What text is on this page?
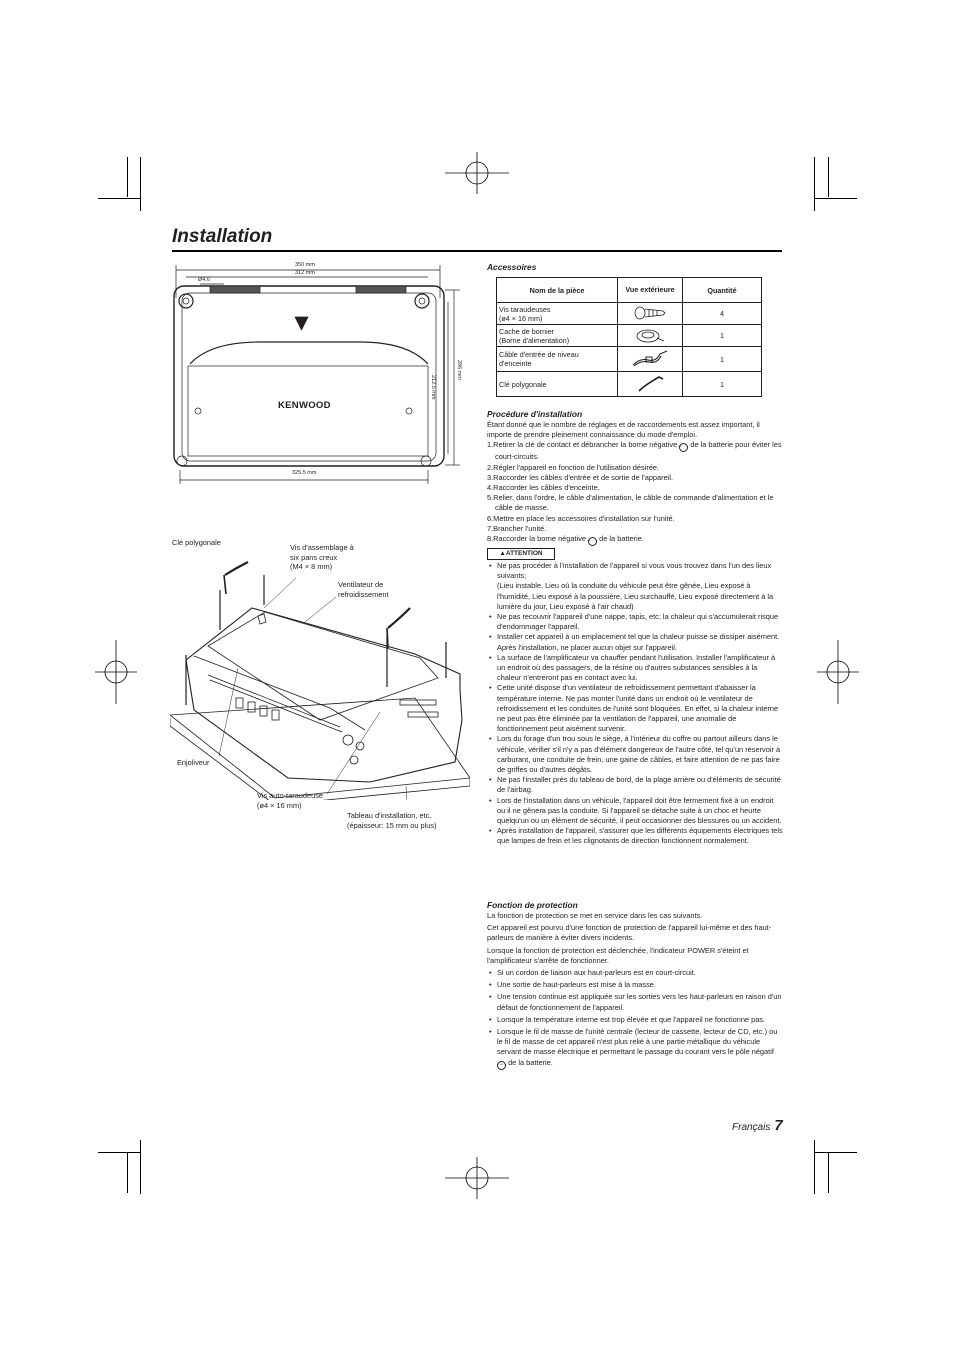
Installation
350 mm
312 mm
Ø4.6
212.5 mm
286 mm
325.5 mm
KENWOOD
Clé polygonale
Vis d'assemblage à
six pans creux
(M4 × 8 mm)
Ventilateur de
refroidissement
Enjoliveur
Vis auto-taraudeuse
(ø4 × 16 mm)
Tableau d'installation, etc.
(épaisseur: 15 mm ou plus)
Accessoires
Nom de la pièce	Vue extérieure	Quantité

Vis taraudeuses
(ø4 × 16 mm)		4

Cache de bornier
(Borne d'alimentation)		1

Câble d'entrée de niveau
d'enceinte		1
Clé polygonale		1
Procédure d'installation

Étant donné que le nombre de réglages et de raccordements est assez important, il importe de prendre pleinement connaissance du mode d'emploi.

1.Retirer la clé de contact et débrancher la borne négative − de la batterie pour éviter les court-circuits.

2.Régler l'appareil en fonction de l'utilisation désirée.

3.Raccorder les câbles d'entrée et de sortie de l'appareil.

4.Raccorder les câbles d'enceinte.

5.Relier, dans l'ordre, le câble d'alimentation, le câble de commande d'alimentation et le câble de masse.

6.Mettre en place les accessoires d'installation sur l'unité.

7.Brancher l'unité.

8.Raccorder la borne négative − de la batterie.

▲ATTENTION
• Ne pas procéder à l'installation de l'appareil si vous vous trouvez dans l'un des lieux suivants;
(Lieu instable, Lieu où la conduite du véhicule peut être gênée, Lieu exposé à l'humidité, Lieu exposé à la poussière, Lieu surchauffé, Lieu exposé directement à la lumière du jour, Lieu exposé à l'air chaud)
• Ne pas recouvrir l'appareil d'une nappe, tapis, etc; la chaleur qui s'accumulerait risque d'endommager l'appareil.
• Installer cet appareil à un emplacement tel que la chaleur puisse se dissiper aisément.
Après l'installation, ne placer aucun objet sur l'appareil.
• La surface de l'amplificateur va chauffer pendant l'utilisation. Installer l'amplificateur à un endroit où des passagers, de la résine ou d'autres substances sensibles à la chaleur n'entreront pas en contact avec lui.
• Cette unité dispose d'un ventilateur de refroidissement permettant d'abaisser la température interne. Ne pas monter l'unité dans un endroit où le ventilateur de refroidissement et les conduites de l'unité sont bloquées. En effet, si la chaleur interne ne peut pas être éliminée par la ventilation de l'appareil, une anomalie de fonctionnement peut aisément survenir.
• Lors du forage d'un trou sous le siège, à l'intérieur du coffre ou partout ailleurs dans le véhicule, vérifier s'il n'y a pas d'élément dangereux de l'autre côté, tel qu'un réservoir à carburant, une conduite de frein, une gaine de câbles, et faire attention de ne pas faire de griffes ou d'autres dégâts.
• Ne pas l'installer près du tableau de bord, de la plage arrière ou d'éléments de sécurité de l'airbag.
• Lors de l'installation dans un véhicule, l'appareil doit être fermement fixé à un endroit ou il ne gênera pas la conduite. Si l'appareil se détache suite à un choc et heurte quelqu'un ou un élément de sécurité, il peut occasionner des blessures ou un accident.
• Après installation de l'appareil, s'assurer que les différents équipements électriques tels que lampes de frein et les clignotants de direction fonctionnent normalement.
Fonction de protection

La fonction de protection se met en service dans les cas suivants.

Cet appareil est pourvu d'une fonction de protection de l'appareil lui-même et des haut-parleurs de manière à éviter divers incidents.

Lorsque la fonction de protection est déclenchée, l'indicateur POWER s'éteint et l'amplificateur s'arrête de fonctionner.

• Si un cordon de liaison aux haut-parleurs est en court-circuit.
• Une sortie de haut-parleurs est mise à la masse.
• Une tension continue est appliquée sur les sorties vers les haut-parleurs en raison d'un défaut de fonctionnement de l'appareil.
• Lorsque la température interne est trop élevée et que l'appareil ne fonctionne pas.
• Lorsque le fil de masse de l'unité centrale (lecteur de cassette, lecteur de CD, etc.) ou le fil de masse de cet appareil n'est plus relié à une partie métallique du véhicule servant de masse électrique et permettant le passage du courant vers le pôle négatif − de la batterie.
Français 7
